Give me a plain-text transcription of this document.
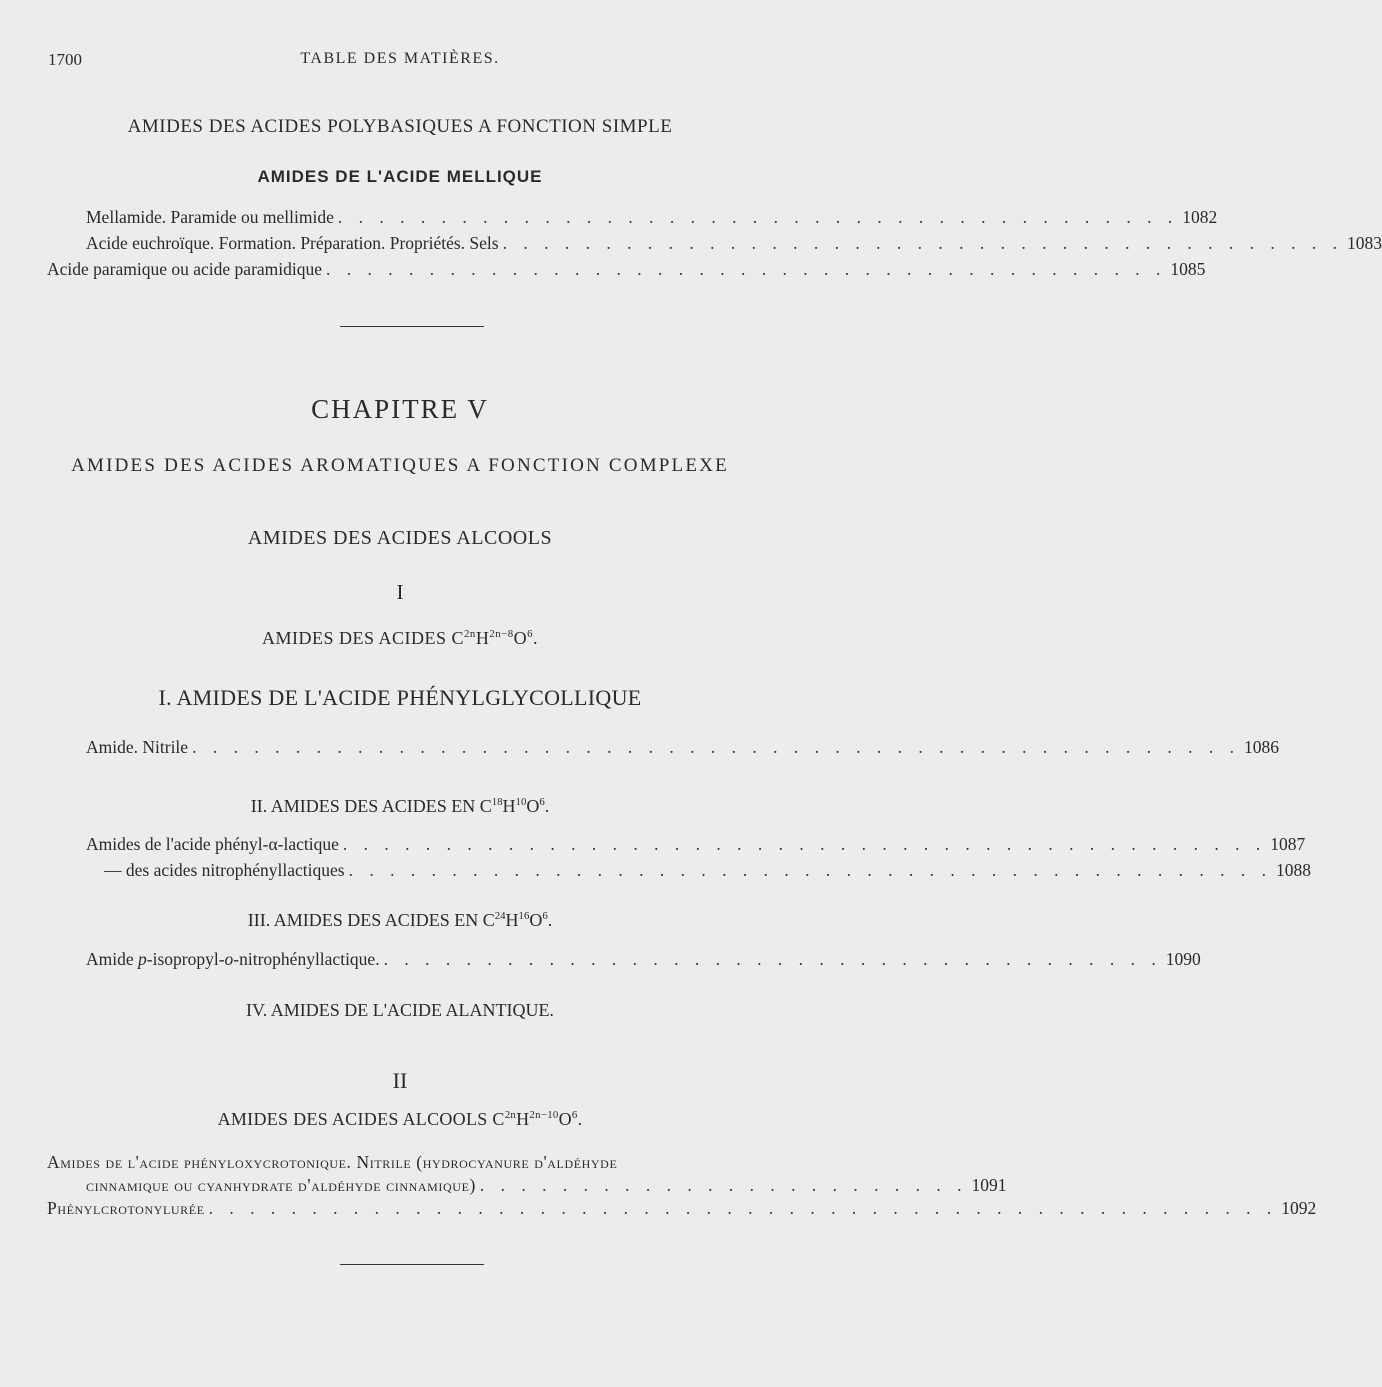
1700	TABLE DES MATIÈRES.
AMIDES DES ACIDES POLYBASIQUES A FONCTION SIMPLE
AMIDES DE L'ACIDE MELLIQUE
Mellamide. Paramide ou mellimide . . . . . . . . . . . . . . . . . . . . . . . . . . . . . . . . . . . . . . . . . 1082
Acide euchroïque. Formation. Préparation. Propriétés. Sels . . . . . . . . . . . . . . . . . . . . . . . . . . . . . . . . . . . . . . . . . 1083
Acide paramique ou acide paramidique . . . . . . . . . . . . . . . . . . . . . . . . . . . . . . . . . . . . . . . . . 1085
CHAPITRE V
AMIDES DES ACIDES AROMATIQUES A FONCTION COMPLEXE
AMIDES DES ACIDES ALCOOLS
I
AMIDES DES ACIDES $C^{2n}H^{2n-8}O^6$.
I. AMIDES DE L'ACIDE PHÉNYLGLYCOLLIQUE
Amide. Nitrile . . . . . . . . . . . . . . . . . . . . . . . . . . . . . . . . . . . . . . . . . . . . . . . . . . . 1086
II. AMIDES DES ACIDES EN $C^{18}H^{10}O^6$.
Amides de l'acide phényl-α-lactique . . . . . . . . . . . . . . . . . . . . . . . . . . . . . . . . . . . . . . . . . . . . . 1087
— des acides nitrophényllactiques . . . . . . . . . . . . . . . . . . . . . . . . . . . . . . . . . . . . . . . . . . . . . 1088
III. AMIDES DES ACIDES EN $C^{24}H^{16}O^6$.
Amide p-isopropyl-o-nitrophényllactique. . . . . . . . . . . . . . . . . . . . . . . . . . . . . . . . . . . . . . . 1090
IV. AMIDES DE L'ACIDE ALANTIQUE.
II
AMIDES DES ACIDES ALCOOLS $C^{2n}H^{2n-10}O^6$.
Amides de l'acide phényloxycrotonique. Nitrile (hydrocyanure d'aldéhyde
cinnamique ou cyanhydrate d'aldéhyde cinnamique) . . . . . . . . . . . . . . . . . . . . . . . . 1091
Phénylcrotonylurée . . . . . . . . . . . . . . . . . . . . . . . . . . . . . . . . . . . . . . . . . . . . . . . . . . . . 1092
